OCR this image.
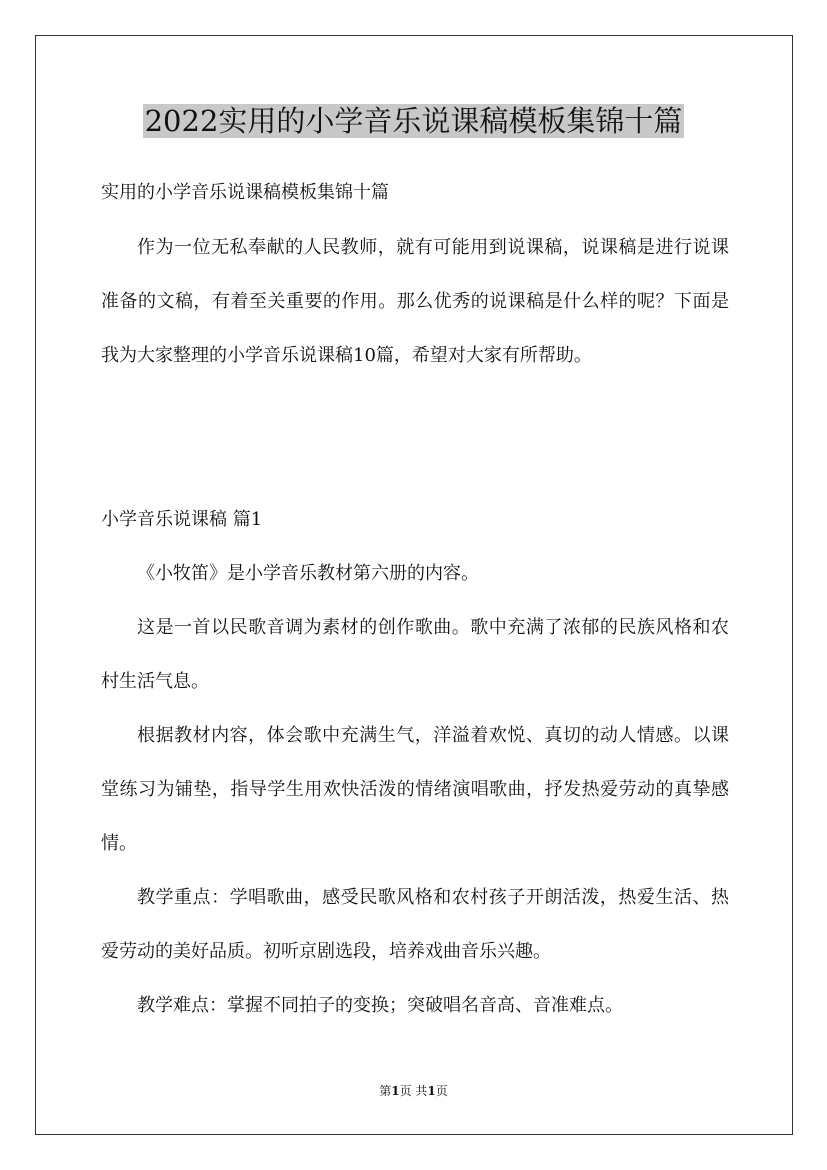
2022实用的小学音乐说课稿模板集锦十篇

实用的小学音乐说课稿模板集锦十篇

作为一位无私奉献的人民教师，就有可能用到说课稿，说课稿是进行说课准备的文稿，有着至关重要的作用。那么优秀的说课稿是什么样的呢？下面是我为大家整理的小学音乐说课稿10篇，希望对大家有所帮助。

小学音乐说课稿 篇1

《小牧笛》是小学音乐教材第六册的内容。

这是一首以民歌音调为素材的创作歌曲。歌中充满了浓郁的民族风格和农村生活气息。

根据教材内容，体会歌中充满生气，洋溢着欢悦、真切的动人情感。以课堂练习为铺垫，指导学生用欢快活泼的情绪演唱歌曲，抒发热爱劳动的真挚感情。

教学重点：学唱歌曲，感受民歌风格和农村孩子开朗活泼，热爱生活、热爱劳动的美好品质。初听京剧选段，培养戏曲音乐兴趣。

教学难点：掌握不同拍子的变换；突破唱名音高、音准难点。

第1页 共1页
